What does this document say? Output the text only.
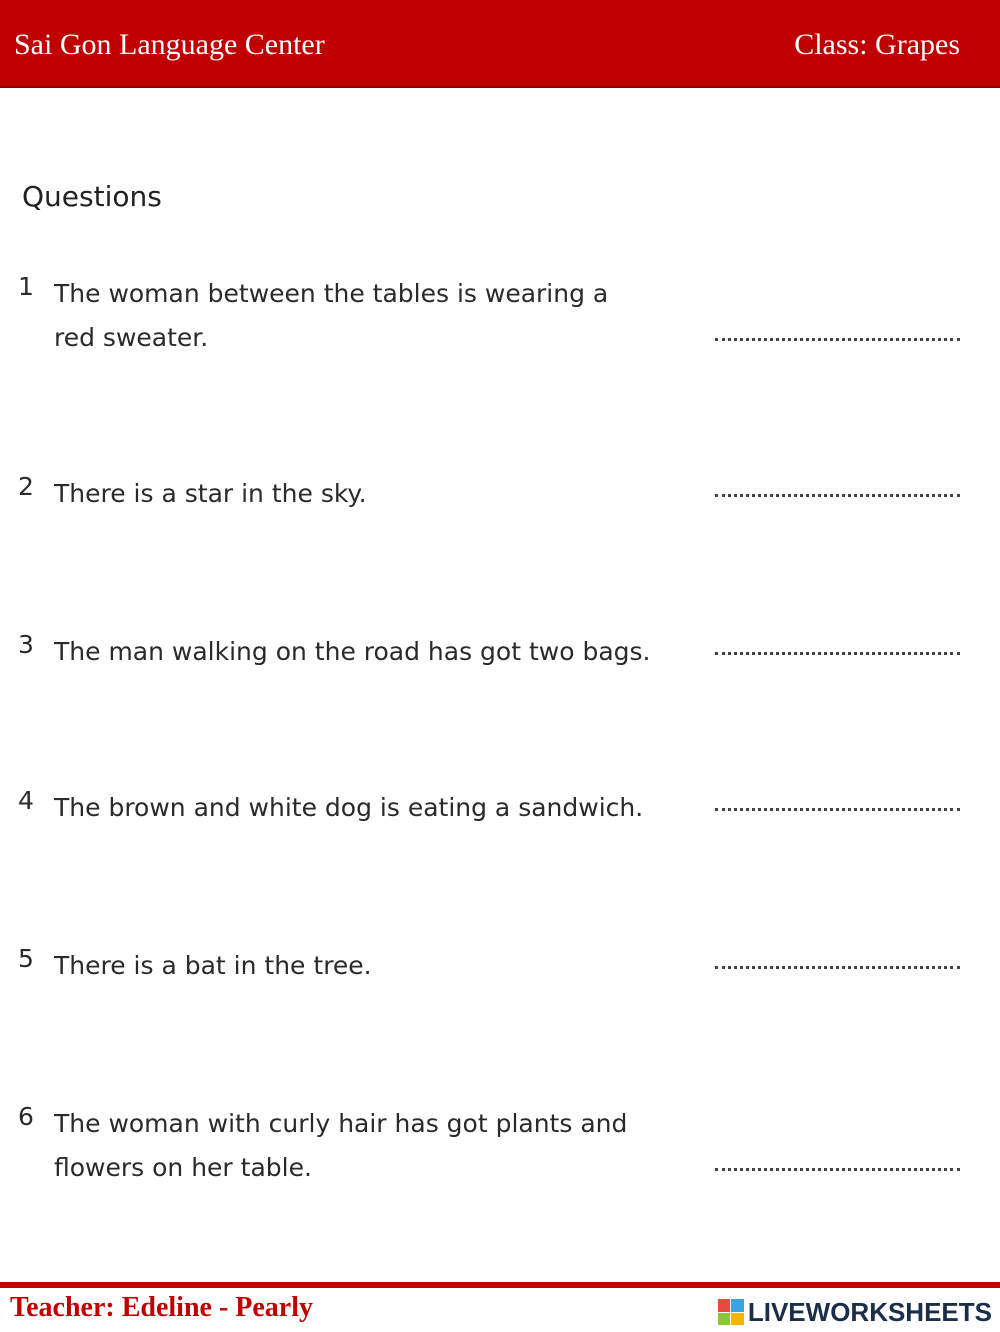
Sai Gon Language Center	Class: Grapes
Questions
1 The woman between the tables is wearing a red sweater.
2 There is a star in the sky.
3 The man walking on the road has got two bags.
4 The brown and white dog is eating a sandwich.
5 There is a bat in the tree.
6 The woman with curly hair has got plants and flowers on her table.
Teacher: Edeline - Pearly	LIVEWORKSHEETS
